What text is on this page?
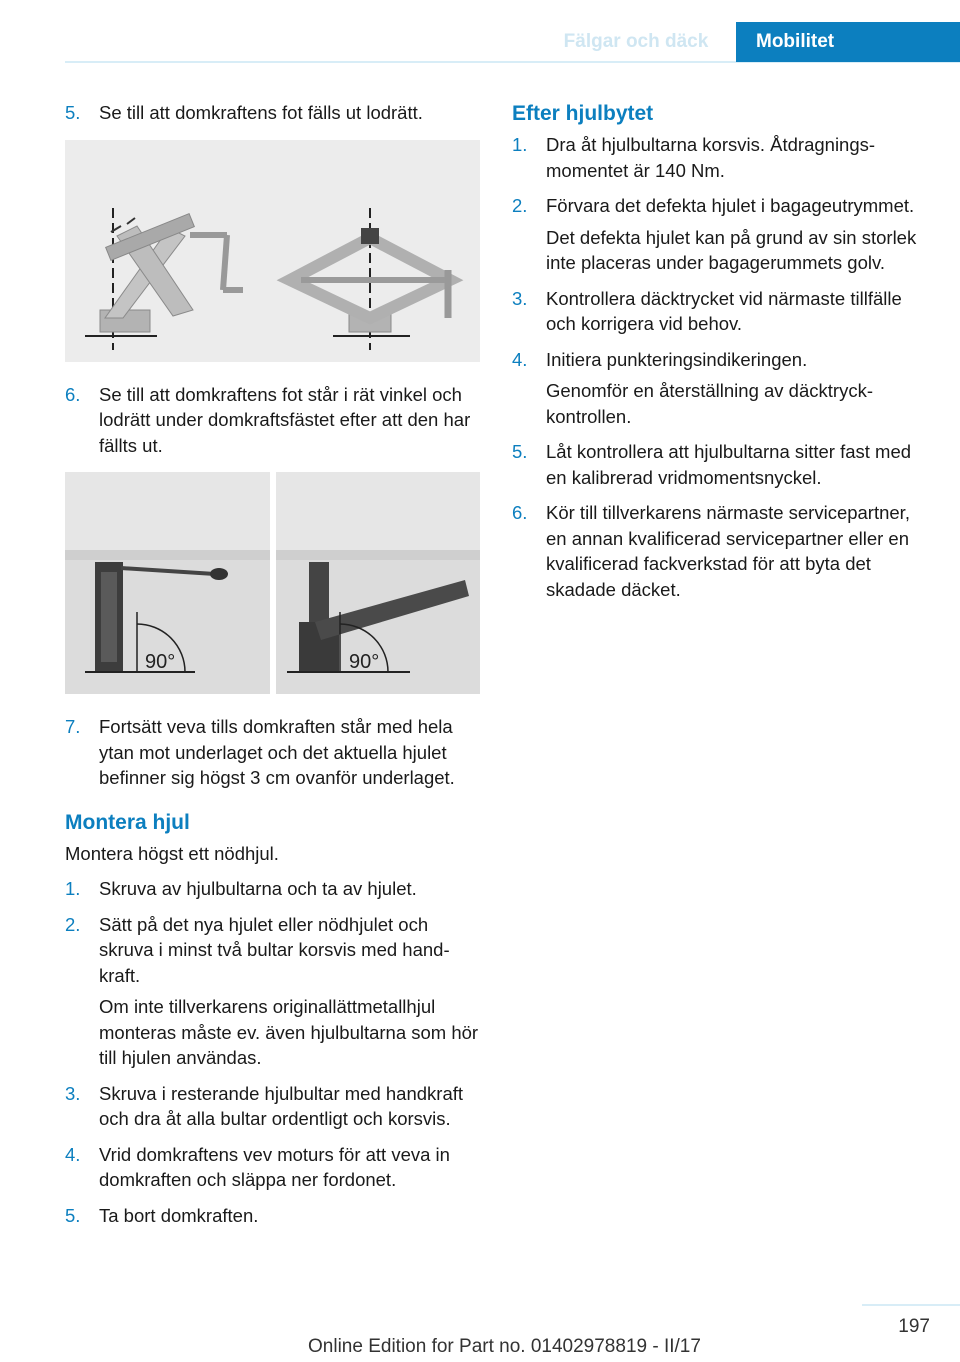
Fälgar och däck	Mobilitet
5. Se till att domkraftens fot fälls ut lodrätt.

6. Se till att domkraftens fot står i rät vinkel och lodrätt under domkraftsfästet efter att den har fällts ut.

90°	90°
7. Fortsätt veva tills domkraften står med hela ytan mot underlaget och det aktuella hjulet befinner sig högst 3 cm ovanför underlaget.

Montera hjul

Montera högst ett nödhjul.

1. Skruva av hjulbultarna och ta av hjulet.

2. Sätt på det nya hjulet eller nödhjulet och skruva i minst två bultar korsvis med handkraft.

Om inte tillverkarens originallättmetallhjul monteras måste ev. även hjulbultarna som hör till hjulen användas.

3. Skruva i resterande hjulbultar med handkraft och dra åt alla bultar ordentligt och korsvis.

4. Vrid domkraftens vev moturs för att veva in domkraften och släppa ner fordonet.

5. Ta bort domkraften.

Efter hjulbytet
1. Dra åt hjulbultarna korsvis. Åtdragningsmomentet är 140 Nm.

2. Förvara det defekta hjulet i bagageutrymmet.

Det defekta hjulet kan på grund av sin storlek inte placeras under bagagerummets golv.

3. Kontrollera däcktrycket vid närmaste tillfälle och korrigera vid behov.

4. Initiera punkteringsindikeringen.

Genomför en återställning av däcktryckkontrollen.

5. Låt kontrollera att hjulbultarna sitter fast med en kalibrerad vridmomentsnyckel.

6. Kör till tillverkarens närmaste servicepartner, en annan kvalificerad servicepartner eller en kvalificerad fackverkstad för att byta det skadade däcket.

197
Online Edition for Part no. 01402978819 - II/17
